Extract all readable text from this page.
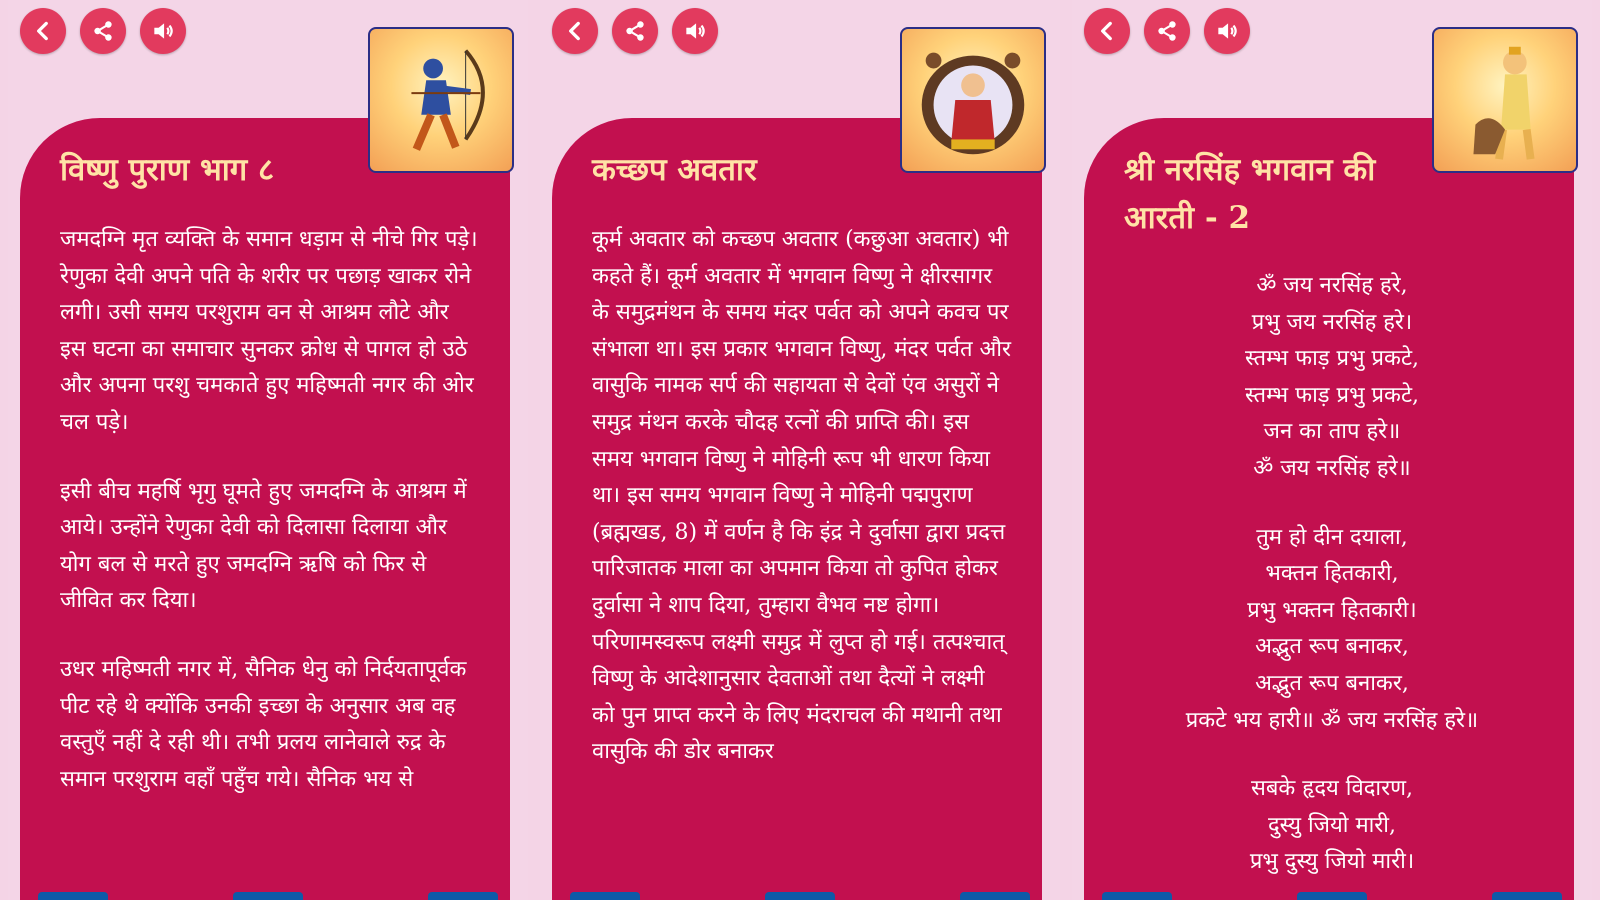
विष्णु पुराण भाग ८

जमदग्नि मृत व्यक्ति के समान धड़ाम से नीचे गिर पड़े। रेणुका देवी अपने पति के शरीर पर पछाड़ खाकर रोने लगी। उसी समय परशुराम वन से आश्रम लौटे और इस घटना का समाचार सुनकर क्रोध से पागल हो उठे और अपना परशु चमकाते हुए महिष्मती नगर की ओर चल पड़े।

इसी बीच महर्षि भृगु घूमते हुए जमदग्नि के आश्रम में आये। उन्होंने रेणुका देवी को दिलासा दिलाया और योग बल से मरते हुए जमदग्नि ऋषि को फिर से जीवित कर दिया।

उधर महिष्मती नगर में, सैनिक धेनु को निर्दयतापूर्वक पीट रहे थे क्योंकि उनकी इच्छा के अनुसार अब वह वस्तुएँ नहीं दे रही थी। तभी प्रलय लानेवाले रुद्र के समान परशुराम वहाँ पहुँच गये। सैनिक भय से

कच्छप अवतार

कूर्म अवतार को कच्छप अवतार (कछुआ अवतार) भी कहते हैं। कूर्म अवतार में भगवान विष्णु ने क्षीरसागर के समुद्रमंथन के समय मंदर पर्वत को अपने कवच पर संभाला था। इस प्रकार भगवान विष्णु, मंदर पर्वत और वासुकि नामक सर्प की सहायता से देवों एंव असुरों ने समुद्र मंथन करके चौदह रत्नों की प्राप्ति की। इस समय भगवान विष्णु ने मोहिनी रूप भी धारण किया था। इस समय भगवान विष्णु ने मोहिनी पद्मपुराण (ब्रह्मखड, 8) में वर्णन है कि इंद्र ने दुर्वासा द्वारा प्रदत्त पारिजातक माला का अपमान किया तो कुपित होकर दुर्वासा ने शाप दिया, तुम्हारा वैभव नष्ट होगा। परिणामस्वरूप लक्ष्मी समुद्र में लुप्त हो गई। तत्पश्चात् विष्णु के आदेशानुसार देवताओं तथा दैत्यों ने लक्ष्मी को पुन प्राप्त करने के लिए मंदराचल की मथानी तथा वासुकि की डोर बनाकर

श्री नरसिंह भगवान की आरती - 2

ॐ जय नरसिंह हरे,
प्रभु जय नरसिंह हरे।
स्तम्भ फाड़ प्रभु प्रकटे,
स्तम्भ फाड़ प्रभु प्रकटे,
जन का ताप हरे॥
ॐ जय नरसिंह हरे॥

तुम हो दीन दयाला,
भक्तन हितकारी,
प्रभु भक्तन हितकारी।
अद्भुत रूप बनाकर,
अद्भुत रूप बनाकर,
प्रकटे भय हारी॥ ॐ जय नरसिंह हरे॥

सबके हृदय विदारण,
दुस्यु जियो मारी,
प्रभु दुस्यु जियो मारी।
